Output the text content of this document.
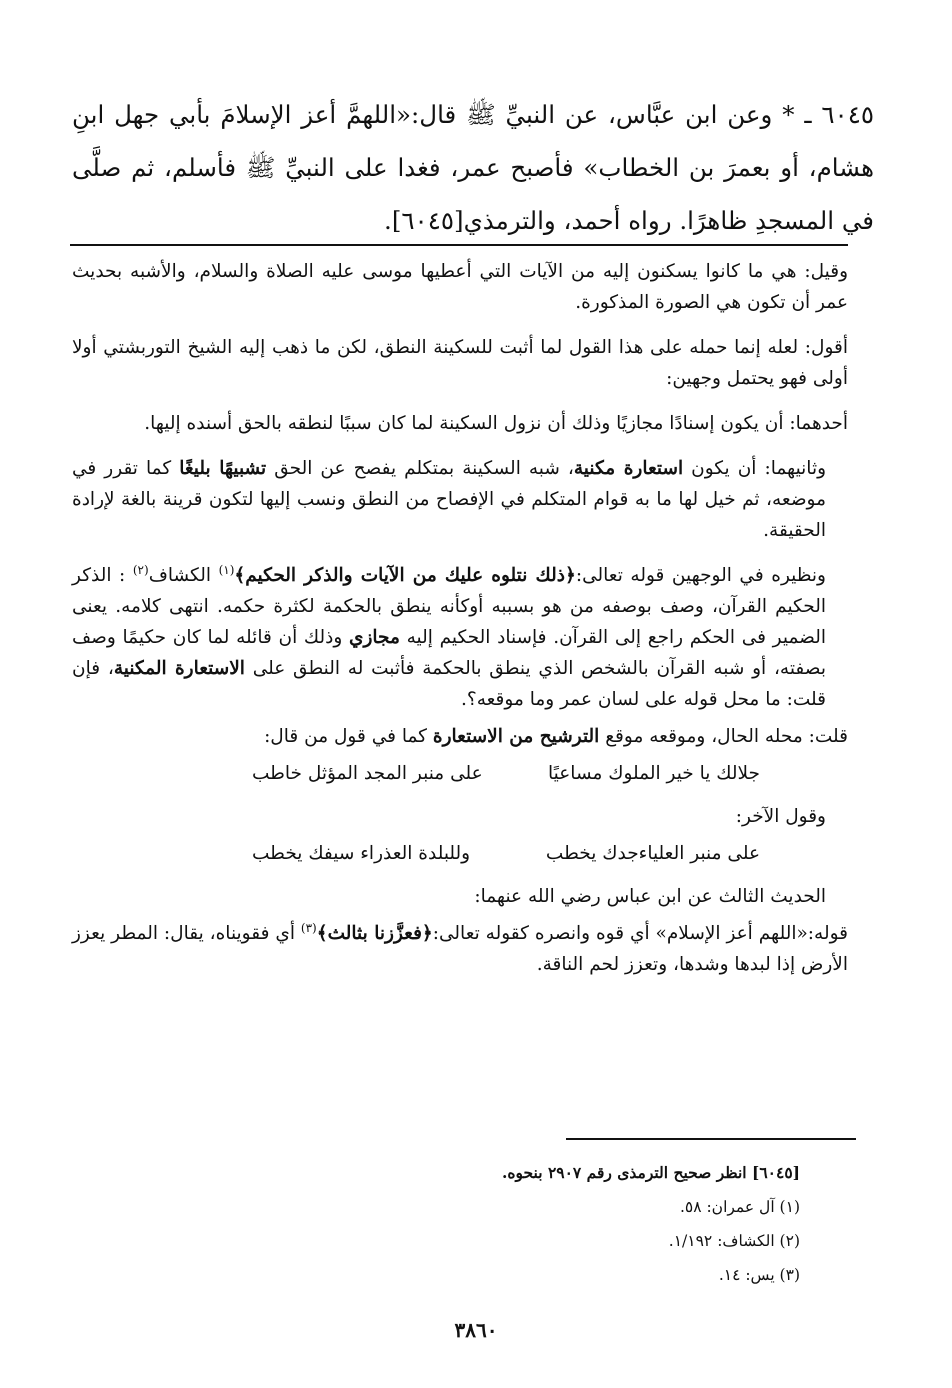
٦٠٤٥ ـ * وعن ابن عبَّاس، عن النبيِّ ﷺ قال:«اللهمَّ أعز الإسلامَ بأبي جهل ابنِ هشام، أو بعمرَ بن الخطاب» فأصبح عمر، فغدا على النبيِّ ﷺ فأسلم، ثم صلَّى في المسجدِ ظاهرًا. رواه أحمد، والترمذي[٦٠٤٥].

وقيل: هي ما كانوا يسكنون إليه من الآيات التي أعطيها موسى عليه الصلاة والسلام، والأشبه بحديث عمر أن تكون هي الصورة المذكورة.

أقول: لعله إنما حمله على هذا القول لما أثبت للسكينة النطق، لكن ما ذهب إليه الشيخ التوربشتي أولا أولى فهو يحتمل وجهين:

أحدهما: أن يكون إسنادًا مجازيًا وذلك أن نزول السكينة لما كان سببًا لنطقه بالحق أسنده إليها.

وثانيهما: أن يكون استعارة مكنية، شبه السكينة بمتكلم يفصح عن الحق تشبيهًا بليغًا كما تقرر في موضعه، ثم خيل لها ما به قوام المتكلم في الإفصاح من النطق ونسب إليها لتكون قرينة بالغة لإرادة الحقيقة.

ونظيره في الوجهين قوله تعالى:﴿ذلك نتلوه عليك من الآيات والذكر الحكيم﴾$^{(١)}$ الكشاف$^{(٢)}$ : الذكر الحكيم القرآن، وصف بوصفه من هو بسببه أوكأنه ينطق بالحكمة لكثرة حكمه. انتهى كلامه. يعنى الضمير فى الحكم راجع إلى القرآن. فإسناد الحكيم إليه مجازي وذلك أن قائله لما كان حكيمًا وصف بصفته، أو شبه القرآن بالشخص الذي ينطق بالحكمة فأثبت له النطق على الاستعارة المكنية، فإن قلت: ما محل قوله على لسان عمر وما موقعه؟.

قلت: محله الحال، وموقعه موقع الترشيح من الاستعارة كما في قول من قال:

جلالك يا خير الملوك مساعيًا
على منبر المجد المؤثل خاطب

وقول الآخر:

على منبر العلياءجدك يخطب
وللبلدة العذراء سيفك يخطب

الحديث الثالث عن ابن عباس رضي الله عنهما:

قوله:«اللهم أعز الإسلام» أي قوه وانصره كقوله تعالى:﴿فعزَّزنا بثالث﴾$^{(٣)}$ أي فقويناه، يقال: المطر يعزز الأرض إذا لبدها وشدها، وتعزز لحم الناقة.

[٦٠٤٥] انظر صحيح الترمذى رقم ٢٩٠٧ بنحوه.
(١) آل عمران: ٥٨.
(٢) الكشاف: ١/١٩٢.
(٣) يس: ١٤.
٣٨٦٠
